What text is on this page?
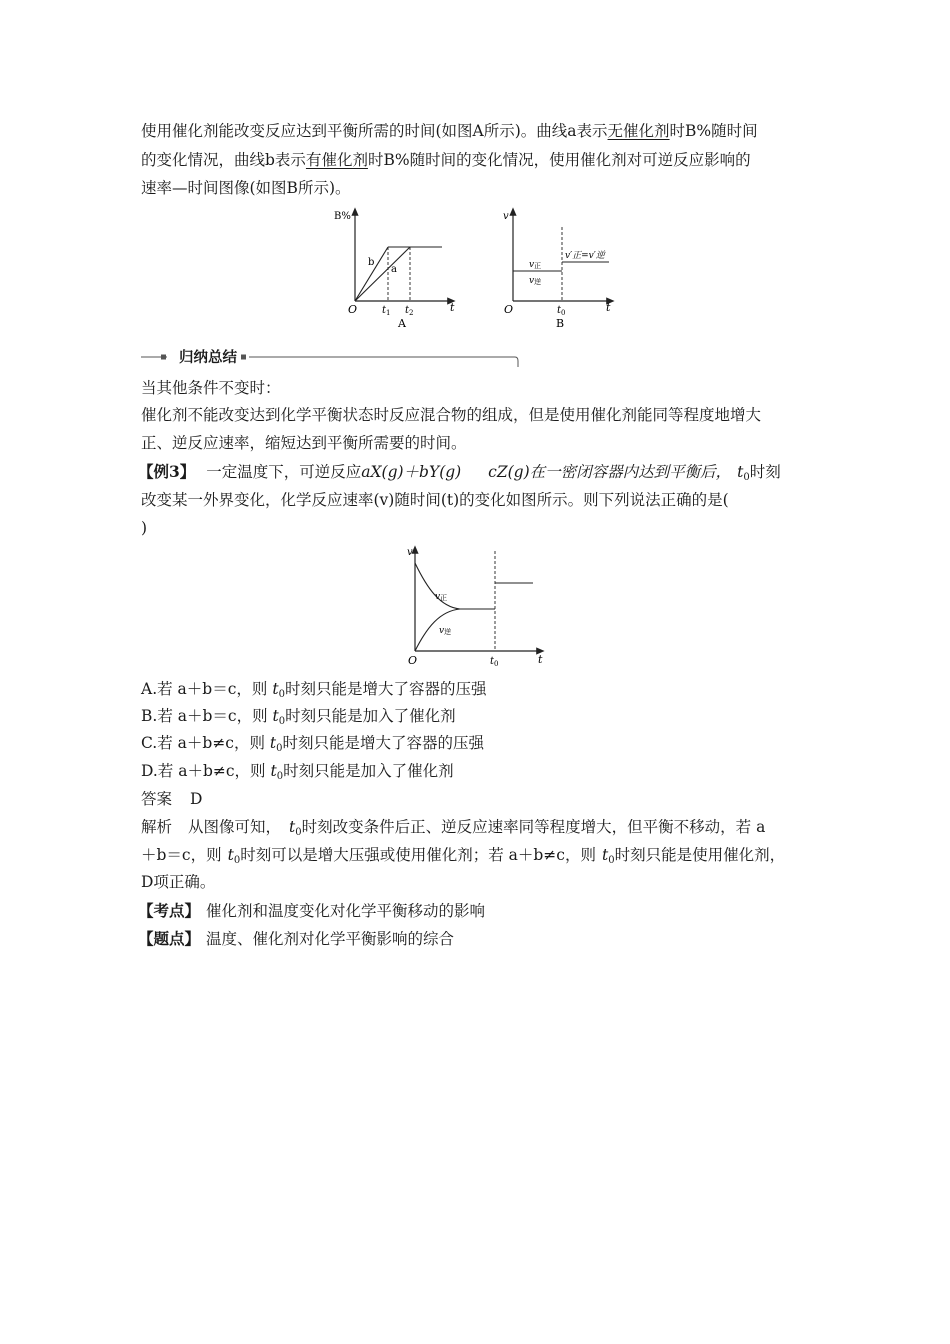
使用催化剂能改变反应达到平衡所需的时间(如图A所示)。曲线a表示无催化剂时B%随时间
的变化情况，曲线b表示有催化剂时B%随时间的变化情况，使用催化剂对可逆反应影响的
速率—时间图像(如图B所示)。
B%
O	t
b
a
$t_1$ $t_2$
A
v
O	t
v正
v逆
v′正=v′逆
$t_0$
B
归纳总结
当其他条件不变时：
催化剂不能改变达到化学平衡状态时反应混合物的组成，但是使用催化剂能同等程度地增大
正、逆反应速率，缩短达到平衡所需要的时间。
【例3】 一定温度下，可逆反应aX(g)＋bY(g) cZ(g)在一密闭容器内达到平衡后， $t_0$时刻
改变某一外界变化，化学反应速率(v)随时间(t)的变化如图所示。则下列说法正确的是(
)
v
O	t
v正
v逆
$t_0$
A.若 a＋b＝c，则 $t_0$时刻只能是增大了容器的压强
B.若 a＋b＝c，则 $t_0$时刻只能是加入了催化剂
C.若 a＋b≠c，则 $t_0$时刻只能是增大了容器的压强
D.若 a＋b≠c，则 $t_0$时刻只能是加入了催化剂
答案 D
解析 从图像可知， $t_0$时刻改变条件后正、逆反应速率同等程度增大，但平衡不移动，若 a
＋b＝c，则 $t_0$时刻可以是增大压强或使用催化剂；若 a＋b≠c，则 $t_0$时刻只能是使用催化剂，
D项正确。
【考点】 催化剂和温度变化对化学平衡移动的影响
【题点】 温度、催化剂对化学平衡影响的综合
